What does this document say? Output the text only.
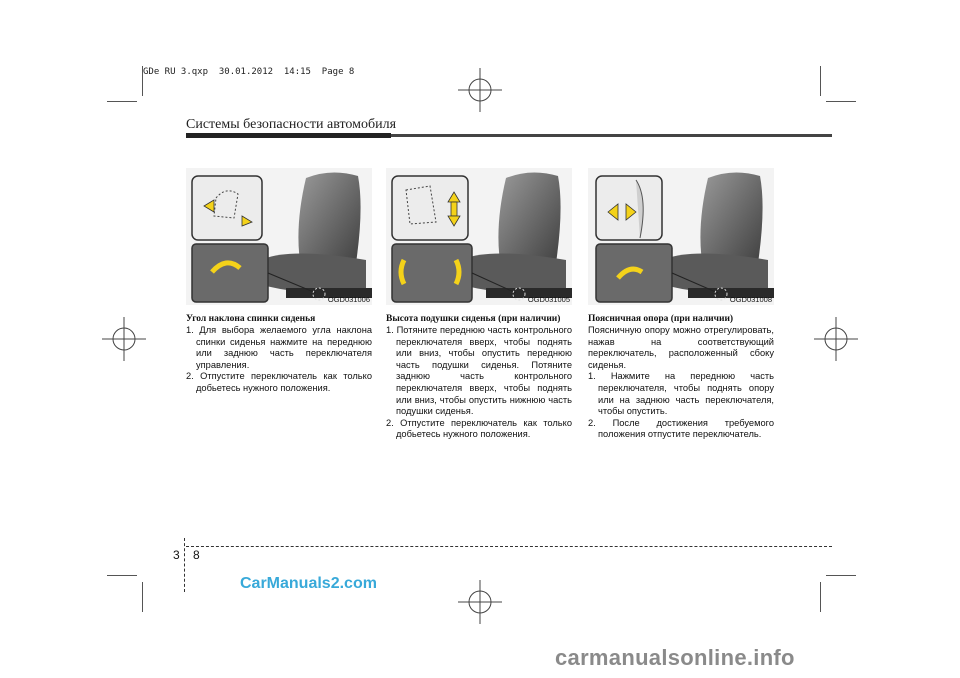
GDe RU 3.qxp  30.01.2012  14:15  Page 8
Системы безопасности автомобиля
OGD031006
Угол наклона спинки сиденья

1. Для выбора желаемого угла наклона спинки сиденья нажмите на переднюю или заднюю часть переключателя управления.

2. Отпустите переключатель как только добьетесь нужного положения.

OGD031005
Высота подушки сиденья (при наличии)

1. Потяните переднюю часть контрольного переключателя вверх, чтобы поднять или вниз, чтобы опустить переднюю часть подушки сиденья. Потяните заднюю часть контрольного переключателя вверх, чтобы поднять или вниз, чтобы опустить нижнюю часть подушки сиденья.

2. Отпустите переключатель как только добьетесь нужного положения.

OGD031008
Поясничная опора (при наличии)

Поясничную опору можно отрегулировать, нажав на соответствующий переключатель, расположенный сбоку сиденья.

1. Нажмите на переднюю часть переключателя, чтобы поднять опору или на заднюю часть переключателя, чтобы опустить.

2. После достижения требуемого положения отпустите переключатель.

3 8
CarManuals2.com
carmanualsonline.info
